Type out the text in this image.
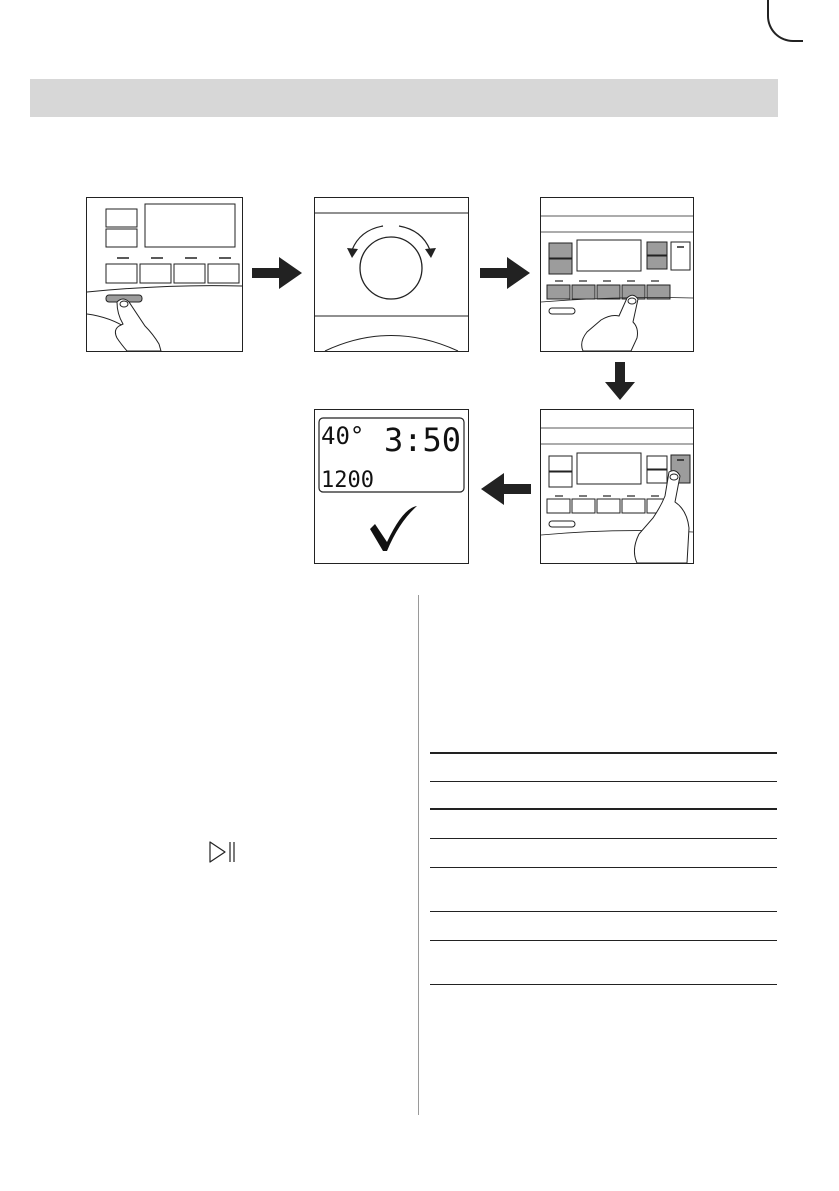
40° 3:50
1200
